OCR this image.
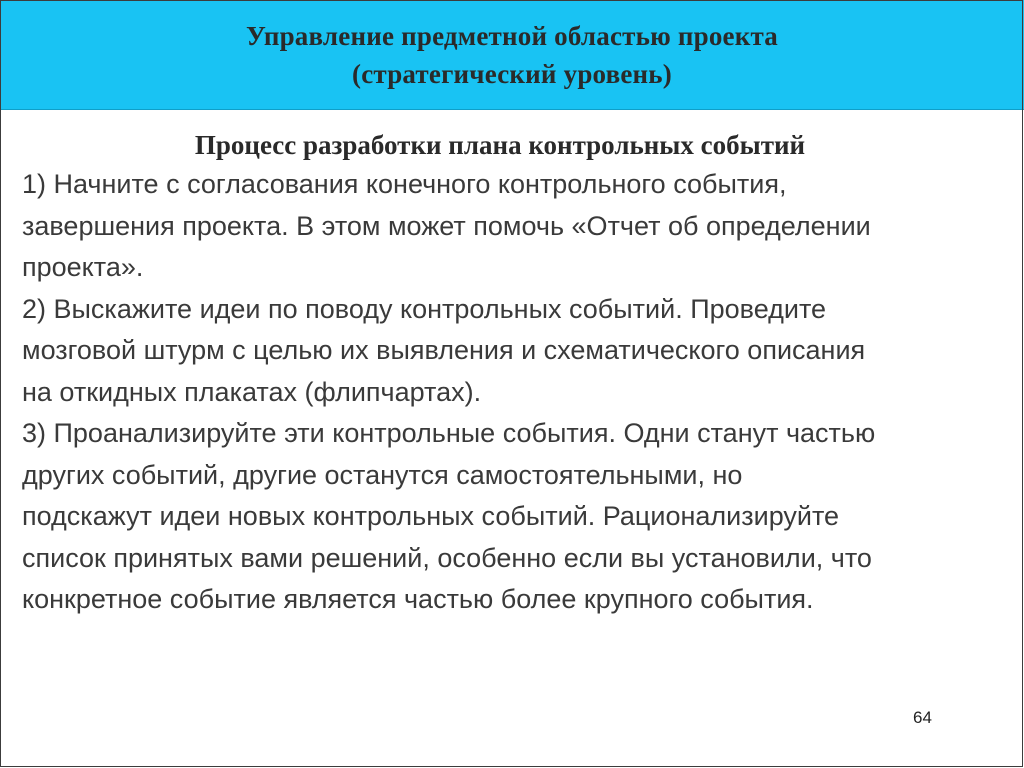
Управление предметной областью проекта
(стратегический уровень)

Процесс разработки плана контрольных событий

1) Начните с согласования конечного контрольного события,
завершения проекта. В этом может помочь «Отчет об определении
проекта».
2) Выскажите идеи по поводу контрольных событий. Проведите
мозговой штурм с целью их выявления и схематического описания
на откидных плакатах (флипчартах).
3) Проанализируйте эти контрольные события. Одни станут частью
других событий, другие останутся самостоятельными, но
подскажут идеи новых контрольных событий. Рационализируйте
список принятых вами решений, особенно если вы установили, что
конкретное событие является частью более крупного события.
64
